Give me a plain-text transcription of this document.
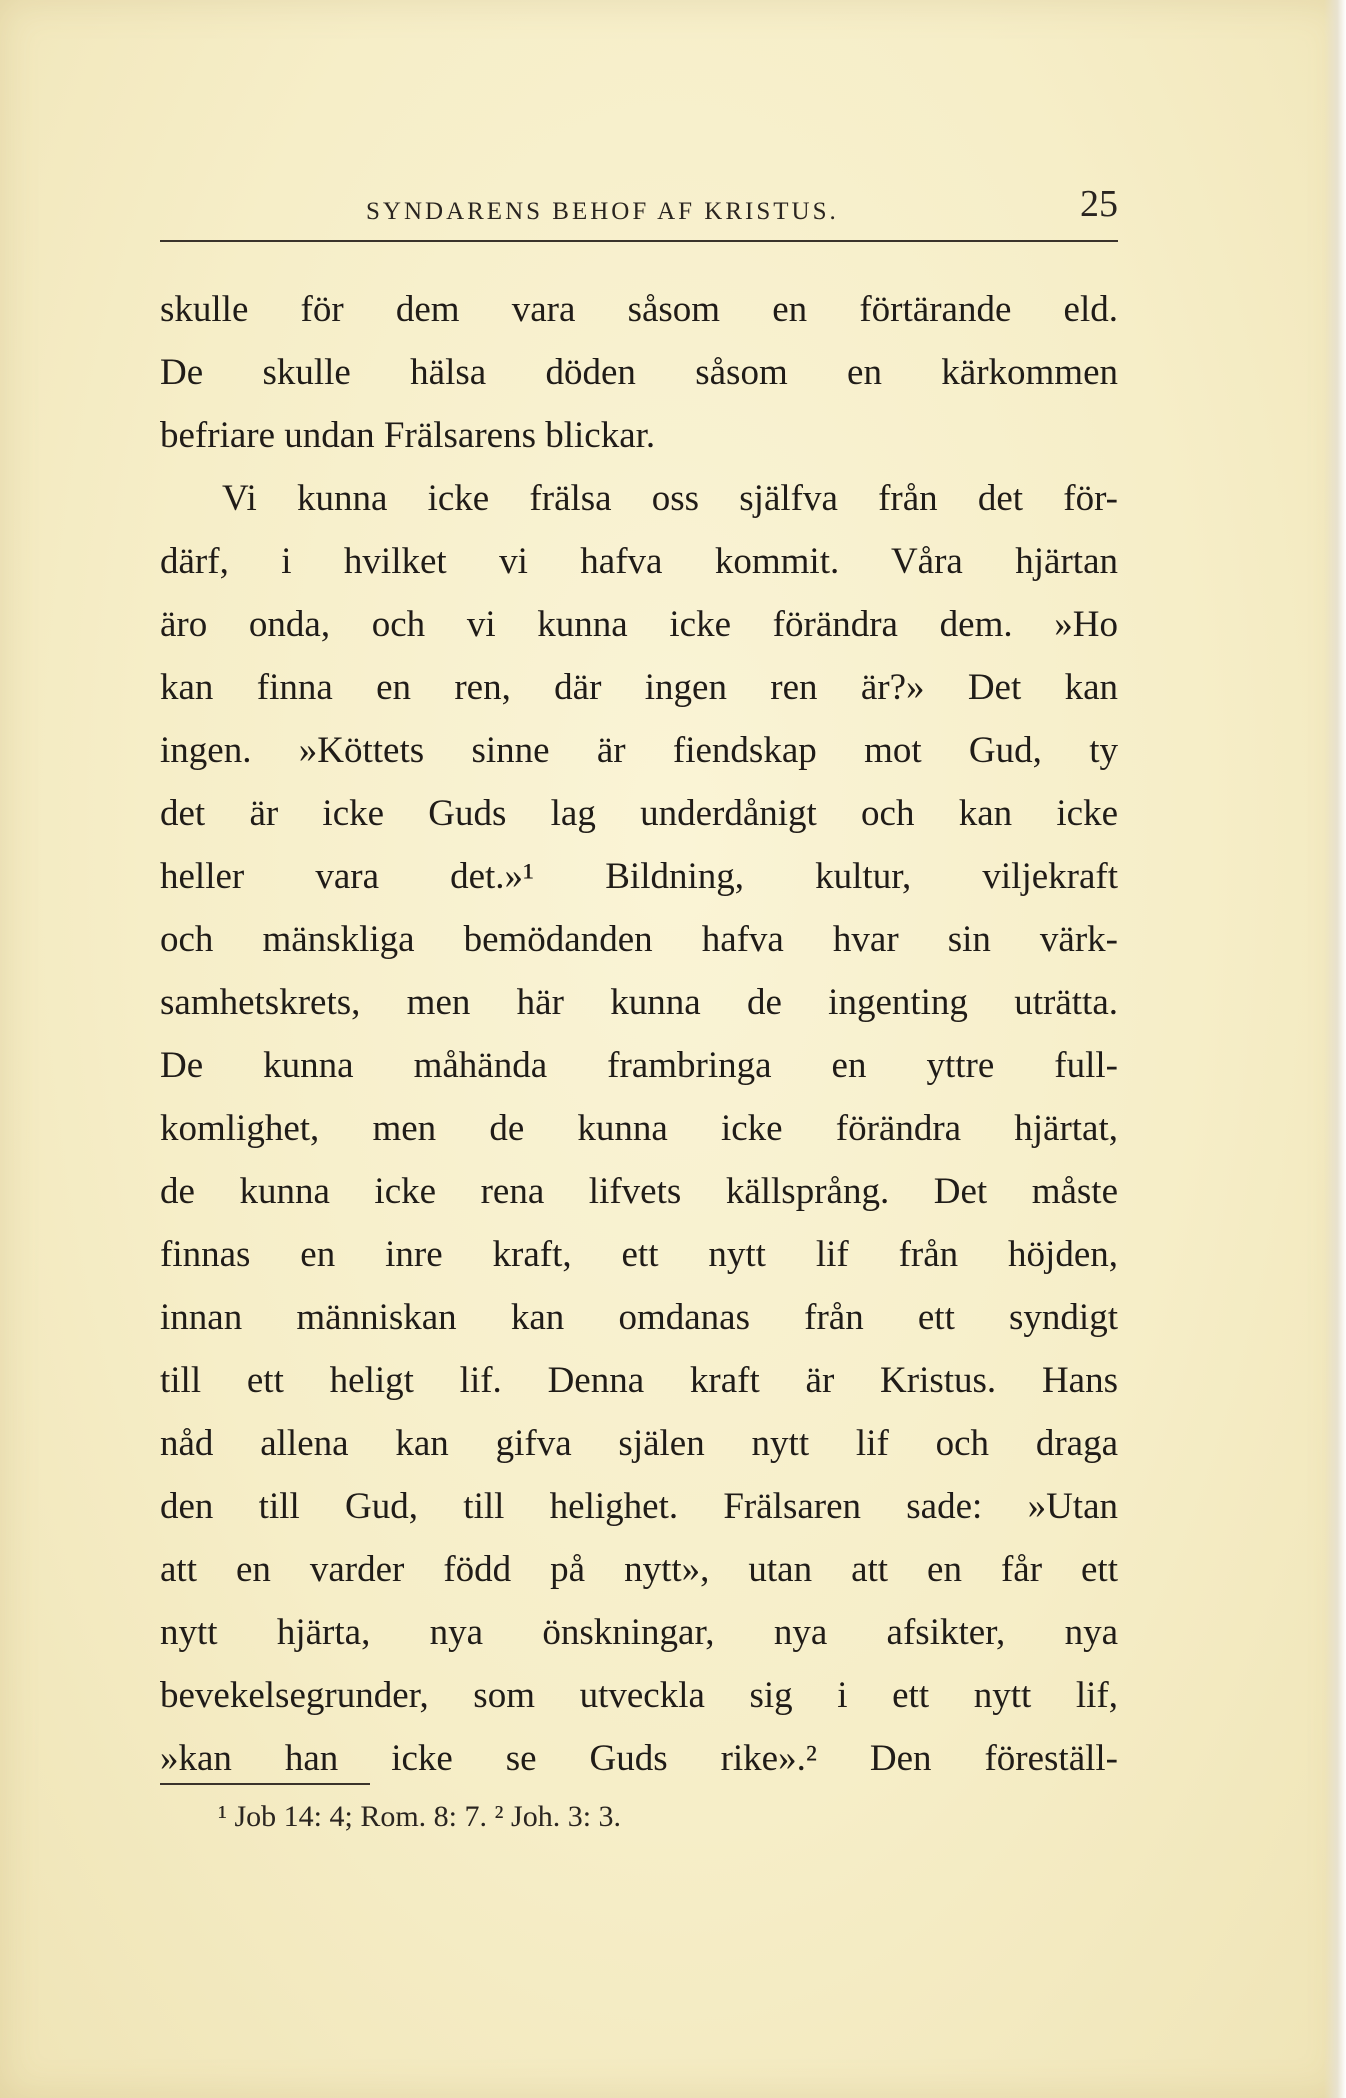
SYNDARENS BEHOF AF KRISTUS.	25
skulle för dem vara såsom en förtärande eld.
De skulle hälsa döden såsom en kärkommen
befriare undan Frälsarens blickar.
Vi kunna icke frälsa oss själfva från det för-
därf, i hvilket vi hafva kommit. Våra hjärtan
äro onda, och vi kunna icke förändra dem. »Ho
kan finna en ren, där ingen ren är?» Det kan
ingen. »Köttets sinne är fiendskap mot Gud, ty
det är icke Guds lag underdånigt och kan icke
heller vara det.»¹ Bildning, kultur, viljekraft
och mänskliga bemödanden hafva hvar sin värk-
samhetskrets, men här kunna de ingenting uträtta.
De kunna måhända frambringa en yttre full-
komlighet, men de kunna icke förändra hjärtat,
de kunna icke rena lifvets källsprång. Det måste
finnas en inre kraft, ett nytt lif från höjden,
innan människan kan omdanas från ett syndigt
till ett heligt lif. Denna kraft är Kristus. Hans
nåd allena kan gifva själen nytt lif och draga
den till Gud, till helighet. Frälsaren sade: »Utan
att en varder född på nytt», utan att en får ett
nytt hjärta, nya önskningar, nya afsikter, nya
bevekelsegrunder, som utveckla sig i ett nytt lif,
»kan han icke se Guds rike».² Den föreställ-
¹ Job 14: 4; Rom. 8: 7. ² Joh. 3: 3.
